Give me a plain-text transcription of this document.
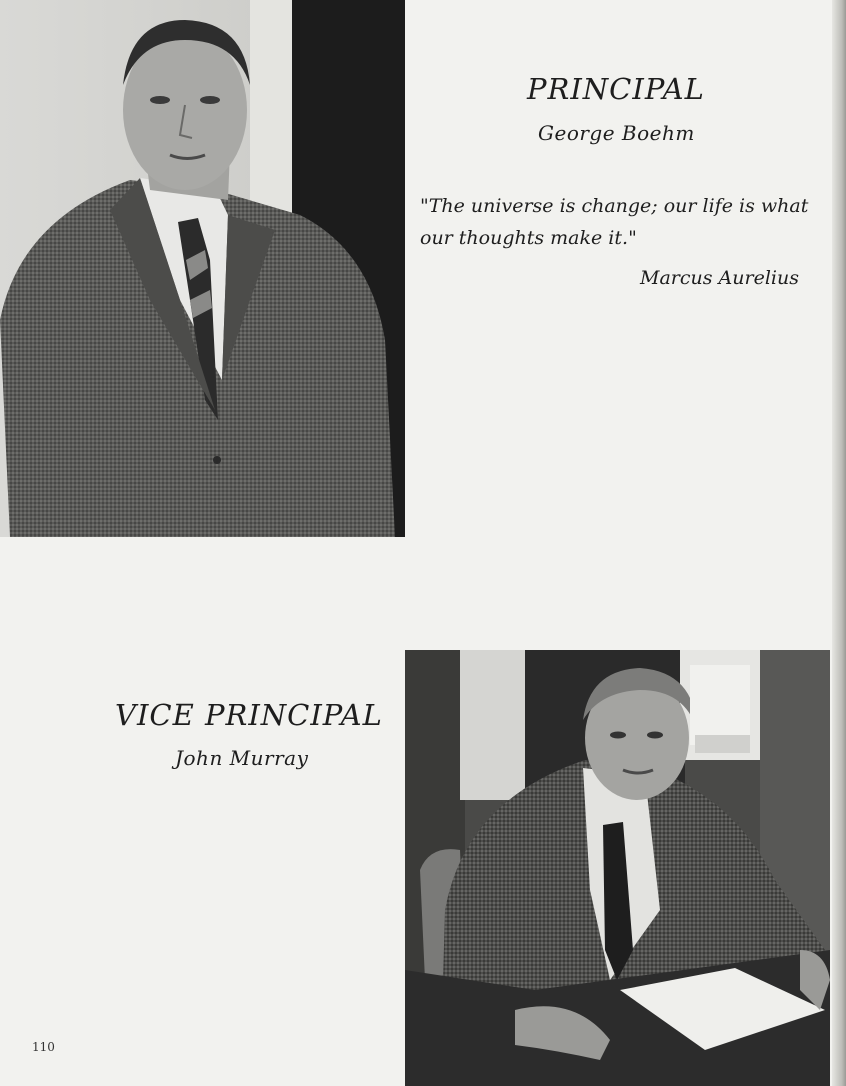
PRINCIPAL
George Boehm
"The universe is change; our life is what
our thoughts make it."
Marcus Aurelius
VICE PRINCIPAL
John Murray
110
